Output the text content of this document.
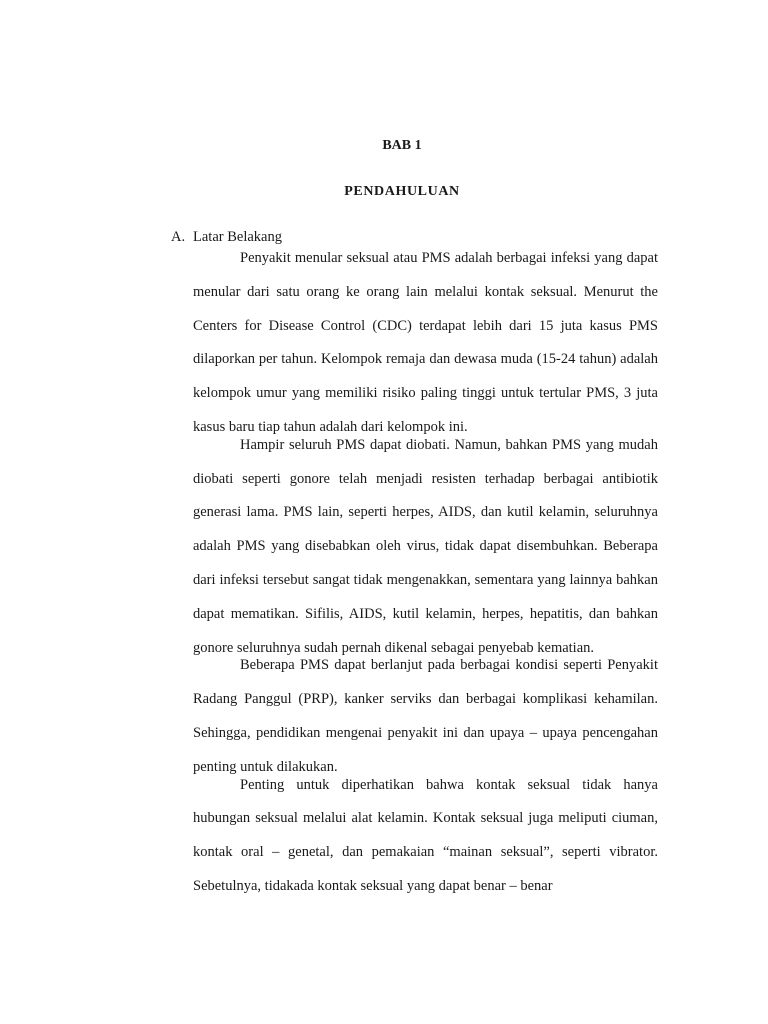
BAB 1
PENDAHULUAN
A. Latar Belakang

Penyakit menular seksual atau PMS adalah berbagai infeksi yang dapat menular dari satu orang ke orang lain melalui kontak seksual. Menurut the Centers for Disease Control (CDC) terdapat lebih dari 15 juta kasus PMS dilaporkan per tahun. Kelompok remaja dan dewasa muda (15-24 tahun) adalah kelompok umur yang memiliki risiko paling tinggi untuk tertular PMS, 3 juta kasus baru tiap tahun adalah dari kelompok ini.

Hampir seluruh PMS dapat diobati. Namun, bahkan PMS yang mudah diobati seperti gonore telah menjadi resisten terhadap berbagai antibiotik generasi lama. PMS lain, seperti herpes, AIDS, dan kutil kelamin, seluruhnya adalah PMS yang disebabkan oleh virus, tidak dapat disembuhkan. Beberapa dari infeksi tersebut sangat tidak mengenakkan, sementara yang lainnya bahkan dapat mematikan. Sifilis, AIDS, kutil kelamin, herpes, hepatitis, dan bahkan gonore seluruhnya sudah pernah dikenal sebagai penyebab kematian.

Beberapa PMS dapat berlanjut pada berbagai kondisi seperti Penyakit Radang Panggul (PRP), kanker serviks dan berbagai komplikasi kehamilan. Sehingga, pendidikan mengenai penyakit ini dan upaya – upaya pencengahan penting untuk dilakukan.

Penting untuk diperhatikan bahwa kontak seksual tidak hanya hubungan seksual melalui alat kelamin. Kontak seksual juga meliputi ciuman, kontak oral – genetal, dan pemakaian “mainan seksual”, seperti vibrator. Sebetulnya, tidakada kontak seksual yang dapat benar – benar
